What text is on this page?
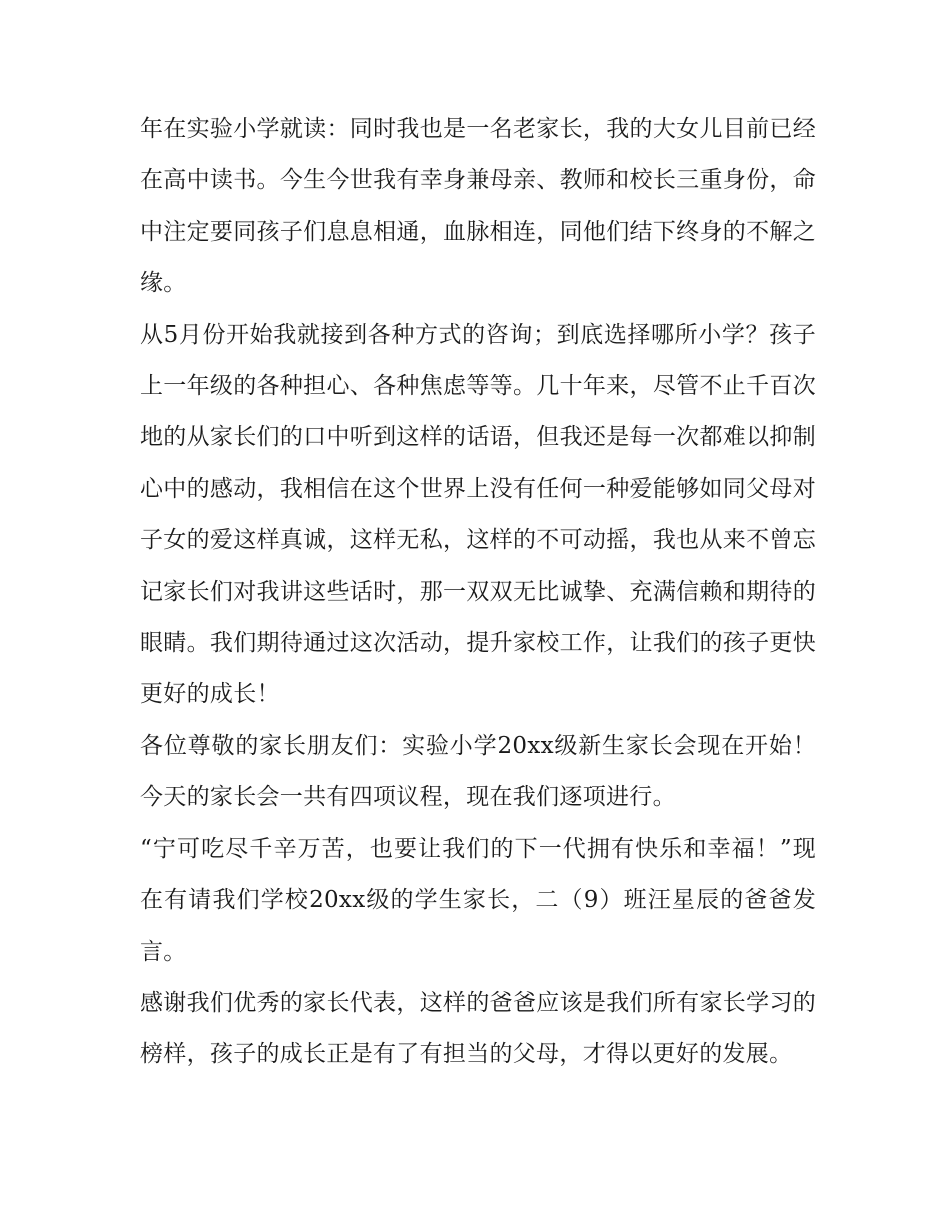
年在实验小学就读：同时我也是一名老家长，我的大女儿目前已经在高中读书。今生今世我有幸身兼母亲、教师和校长三重身份，命中注定要同孩子们息息相通，血脉相连，同他们结下终身的不解之缘。

从5月份开始我就接到各种方式的咨询；到底选择哪所小学？孩子上一年级的各种担心、各种焦虑等等。几十年来，尽管不止千百次地的从家长们的口中听到这样的话语，但我还是每一次都难以抑制心中的感动，我相信在这个世界上没有任何一种爱能够如同父母对子女的爱这样真诚，这样无私，这样的不可动摇，我也从来不曾忘记家长们对我讲这些话时，那一双双无比诚挚、充满信赖和期待的眼睛。我们期待通过这次活动，提升家校工作，让我们的孩子更快更好的成长！

各位尊敬的家长朋友们：实验小学20xx级新生家长会现在开始！ 今天的家长会一共有四项议程，现在我们逐项进行。

“宁可吃尽千辛万苦，也要让我们的下一代拥有快乐和幸福！”现在有请我们学校20xx级的学生家长，二（9）班汪星辰的爸爸发言。

感谢我们优秀的家长代表，这样的爸爸应该是我们所有家长学习的榜样，孩子的成长正是有了有担当的父母，才得以更好的发展。
